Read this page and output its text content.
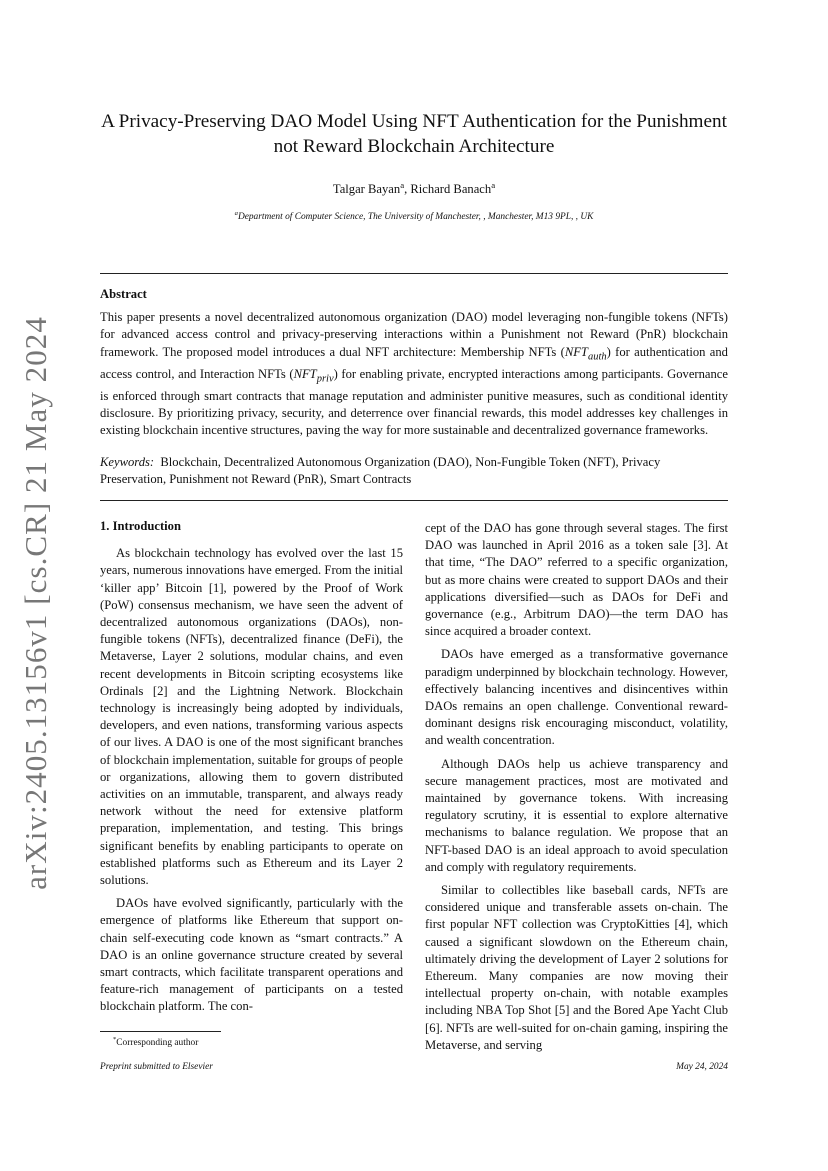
arXiv:2405.13156v1 [cs.CR] 21 May 2024
A Privacy-Preserving DAO Model Using NFT Authentication for the Punishment not Reward Blockchain Architecture
Talgar Bayan$^a$, Richard Banach$^a$
$^a$Department of Computer Science, The University of Manchester, , Manchester, M13 9PL, , UK
Abstract

This paper presents a novel decentralized autonomous organization (DAO) model leveraging non-fungible tokens (NFTs) for advanced access control and privacy-preserving interactions within a Punishment not Reward (PnR) blockchain framework. The proposed model introduces a dual NFT architecture: Membership NFTs $(NFT_{auth})$ for authentication and access control, and Interaction NFTs $(NFT_{priv})$ for enabling private, encrypted interactions among participants. Governance is enforced through smart contracts that manage reputation and administer punitive measures, such as conditional identity disclosure. By prioritizing privacy, security, and deterrence over financial rewards, this model addresses key challenges in existing blockchain incentive structures, paving the way for more sustainable and decentralized governance frameworks.

Keywords: Blockchain, Decentralized Autonomous Organization (DAO), Non-Fungible Token (NFT), Privacy Preservation, Punishment not Reward (PnR), Smart Contracts

1. Introduction

As blockchain technology has evolved over the last 15 years, numerous innovations have emerged. From the initial ‘killer app’ Bitcoin [1], powered by the Proof of Work (PoW) consensus mechanism, we have seen the advent of decentralized autonomous organizations (DAOs), non-fungible tokens (NFTs), decentralized finance (DeFi), the Metaverse, Layer 2 solutions, modular chains, and even recent developments in Bitcoin scripting ecosystems like Ordinals [2] and the Lightning Network. Blockchain technology is increasingly being adopted by individuals, developers, and even nations, transforming various aspects of our lives. A DAO is one of the most significant branches of blockchain implementation, suitable for groups of people or organizations, allowing them to govern distributed activities on an immutable, transparent, and always ready network without the need for extensive platform preparation, implementation, and testing. This brings significant benefits by enabling participants to operate on established platforms such as Ethereum and its Layer 2 solutions.

DAOs have evolved significantly, particularly with the emergence of platforms like Ethereum that support on-chain self-executing code known as “smart contracts.” A DAO is an online governance structure created by several smart contracts, which facilitate transparent operations and feature-rich management of participants on a tested blockchain platform. The con-

cept of the DAO has gone through several stages. The first DAO was launched in April 2016 as a token sale [3]. At that time, “The DAO” referred to a specific organization, but as more chains were created to support DAOs and their applications diversified—such as DAOs for DeFi and governance (e.g., Arbitrum DAO)—the term DAO has since acquired a broader context.

DAOs have emerged as a transformative governance paradigm underpinned by blockchain technology. However, effectively balancing incentives and disincentives within DAOs remains an open challenge. Conventional reward-dominant designs risk encouraging misconduct, volatility, and wealth concentration.

Although DAOs help us achieve transparency and secure management practices, most are motivated and maintained by governance tokens. With increasing regulatory scrutiny, it is essential to explore alternative mechanisms to balance regulation. We propose that an NFT-based DAO is an ideal approach to avoid speculation and comply with regulatory requirements.

Similar to collectibles like baseball cards, NFTs are considered unique and transferable assets on-chain. The first popular NFT collection was CryptoKitties [4], which caused a significant slowdown on the Ethereum chain, ultimately driving the development of Layer 2 solutions for Ethereum. Many companies are now moving their intellectual property on-chain, with notable examples including NBA Top Shot [5] and the Bored Ape Yacht Club [6]. NFTs are well-suited for on-chain gaming, inspiring the Metaverse, and serving

*Corresponding author
Preprint submitted to Elsevier	May 24, 2024
